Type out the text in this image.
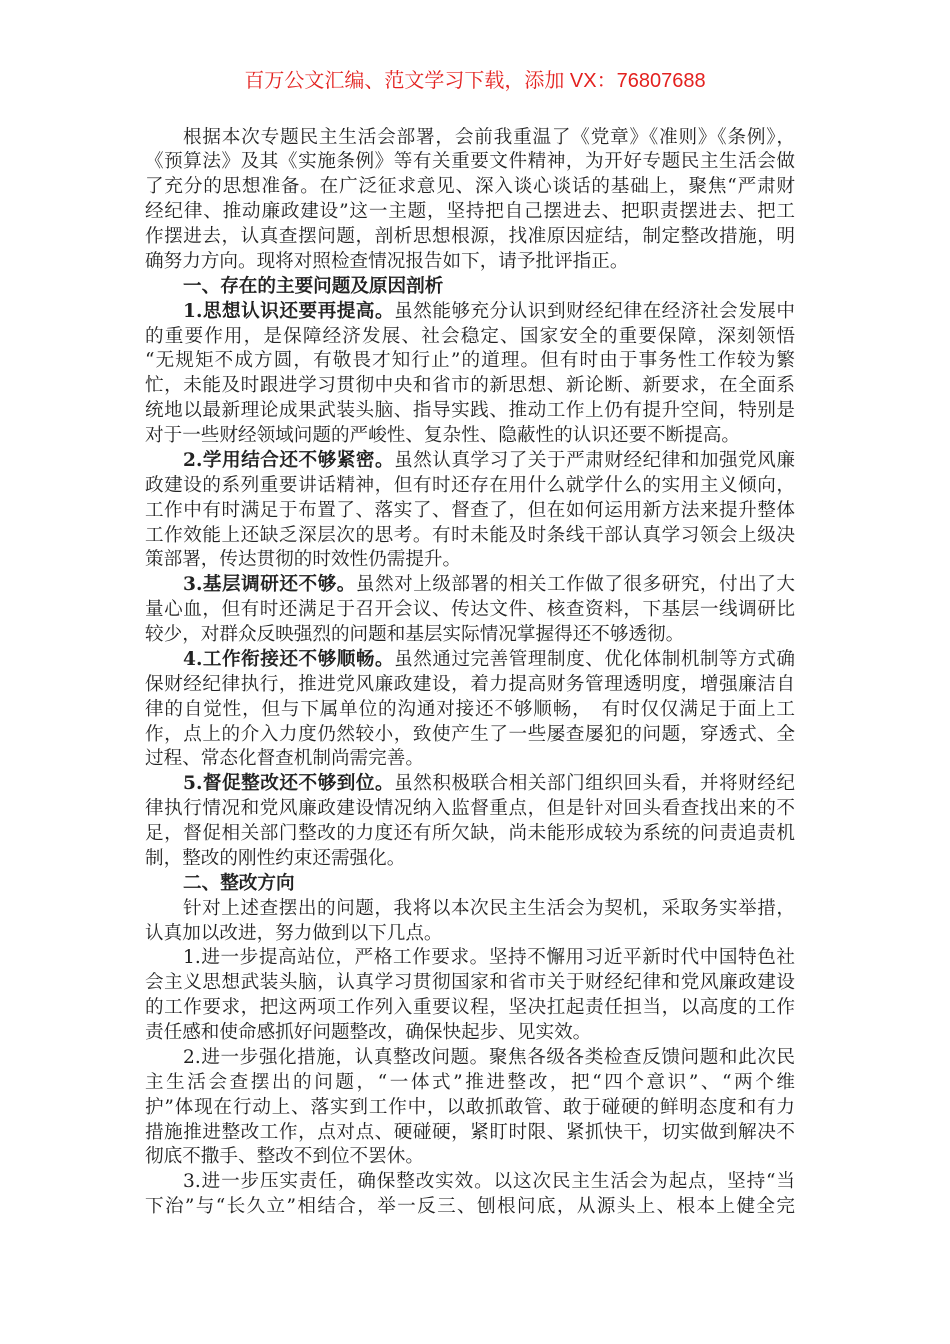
百万公文汇编、范文学习下载，添加 VX：76807688
根据本次专题民主生活会部署，会前我重温了《党章》《准则》《条例》，
《预算法》及其《实施条例》等有关重要文件精神，为开好专题民主生活会做
了充分的思想准备。在广泛征求意见、深入谈心谈话的基础上，聚焦“严肃财
经纪律、推动廉政建设”这一主题，坚持把自己摆进去、把职责摆进去、把工
作摆进去，认真查摆问题，剖析思想根源，找准原因症结，制定整改措施，明
确努力方向。现将对照检查情况报告如下，请予批评指正。
一、存在的主要问题及原因剖析
1.思想认识还要再提高。虽然能够充分认识到财经纪律在经济社会发展中
的重要作用，是保障经济发展、社会稳定、国家安全的重要保障，深刻领悟
“无规矩不成方圆，有敬畏才知行止”的道理。但有时由于事务性工作较为繁
忙，未能及时跟进学习贯彻中央和省市的新思想、新论断、新要求，在全面系
统地以最新理论成果武装头脑、指导实践、推动工作上仍有提升空间，特别是
对于一些财经领域问题的严峻性、复杂性、隐蔽性的认识还要不断提高。
2.学用结合还不够紧密。虽然认真学习了关于严肃财经纪律和加强党风廉
政建设的系列重要讲话精神，但有时还存在用什么就学什么的实用主义倾向，
工作中有时满足于布置了、落实了、督查了，但在如何运用新方法来提升整体
工作效能上还缺乏深层次的思考。有时未能及时条线干部认真学习领会上级决
策部署，传达贯彻的时效性仍需提升。
3.基层调研还不够。虽然对上级部署的相关工作做了很多研究，付出了大
量心血，但有时还满足于召开会议、传达文件、核查资料，下基层一线调研比
较少，对群众反映强烈的问题和基层实际情况掌握得还不够透彻。
4.工作衔接还不够顺畅。虽然通过完善管理制度、优化体制机制等方式确
保财经纪律执行，推进党风廉政建设，着力提高财务管理透明度，增强廉洁自
律的自觉性，但与下属单位的沟通对接还不够顺畅，　有时仅仅满足于面上工
作，点上的介入力度仍然较小，致使产生了一些屡查屡犯的问题，穿透式、全
过程、常态化督查机制尚需完善。
5.督促整改还不够到位。虽然积极联合相关部门组织回头看，并将财经纪
律执行情况和党风廉政建设情况纳入监督重点，但是针对回头看查找出来的不
足，督促相关部门整改的力度还有所欠缺，尚未能形成较为系统的问责追责机
制，整改的刚性约束还需强化。
二、整改方向
针对上述查摆出的问题，我将以本次民主生活会为契机，采取务实举措，
认真加以改进，努力做到以下几点。
1.进一步提高站位，严格工作要求。坚持不懈用习近平新时代中国特色社
会主义思想武装头脑，认真学习贯彻国家和省市关于财经纪律和党风廉政建设
的工作要求，把这两项工作列入重要议程，坚决扛起责任担当，以高度的工作
责任感和使命感抓好问题整改，确保快起步、见实效。
2.进一步强化措施，认真整改问题。聚焦各级各类检查反馈问题和此次民
主生活会查摆出的问题，“一体式”推进整改，把“四个意识”、“两个维
护”体现在行动上、落实到工作中，以敢抓敢管、敢于碰硬的鲜明态度和有力
措施推进整改工作，点对点、硬碰硬，紧盯时限、紧抓快干，切实做到解决不
彻底不撒手、整改不到位不罢休。
3.进一步压实责任，确保整改实效。以这次民主生活会为起点，坚持“当
下治”与“长久立”相结合，举一反三、刨根问底，从源头上、根本上健全完
